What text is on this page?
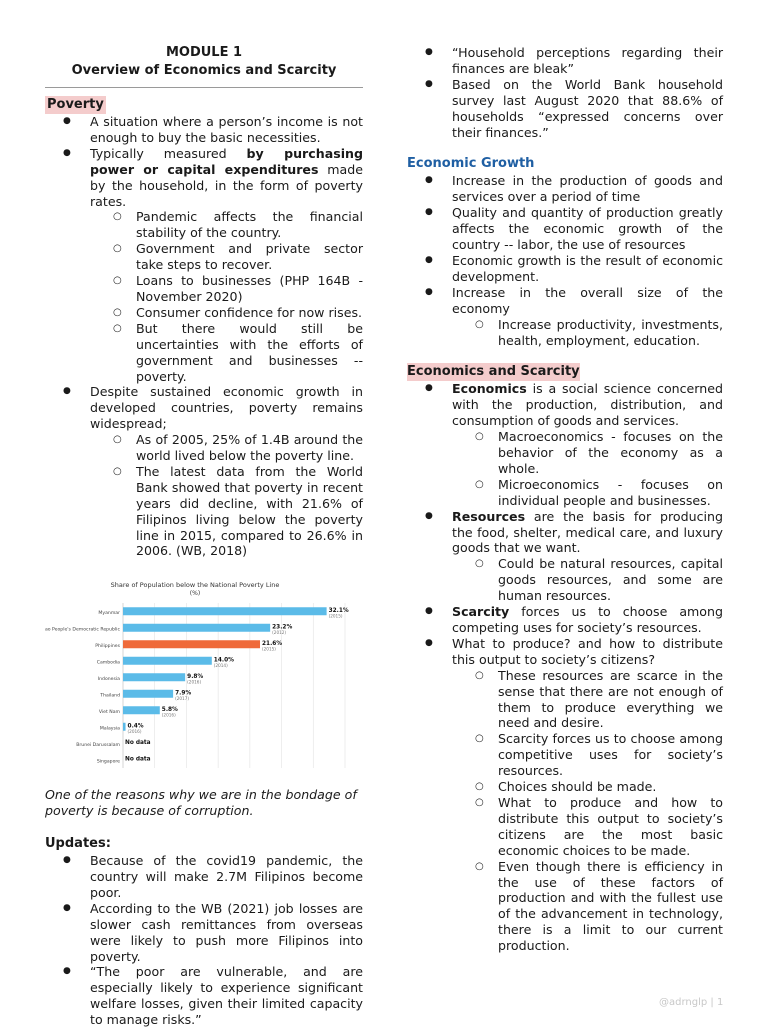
MODULE 1
Overview of Economics and Scarcity
Poverty
● A situation where a person’s income is not enough to buy the basic necessities.
● Typically measured by purchasing power or capital expenditures made by the household, in the form of poverty rates.
○ Pandemic affects the financial stability of the country.
○ Government and private sector take steps to recover.
○ Loans to businesses (PHP 164B - November 2020)
○ Consumer confidence for now rises.
○ But there would still be uncertainties with the efforts of government and businesses -- poverty.
● Despite sustained economic growth in developed countries, poverty remains widespread;
○ As of 2005, 25% of 1.4B around the world lived below the poverty line.
○ The latest data from the World Bank showed that poverty in recent years did decline, with 21.6% of Filipinos living below the poverty line in 2015, compared to 26.6% in 2006. (WB, 2018)
Share of Population below the National Poverty Line
(%)
Myanmar	32.1%
(2015)
Lao People's Democratic Republic	23.2%
(2012)
Philippines	21.6%
(2015)
Cambodia	14.0%
(2014)
Indonesia	9.8%
(2016)
Thailand	7.9%
(2017)
Viet Nam	5.8%
(2016)
Malaysia 0.4%
(2016)
Brunei Darussalam No data
Singapore No data
One of the reasons why we are in the bondage of poverty is because of corruption.
Updates:
● Because of the covid19 pandemic, the country will make 2.7M Filipinos become poor.
● According to the WB (2021) job losses are slower cash remittances from overseas were likely to push more Filipinos into poverty.
● “The poor are vulnerable, and are especially likely to experience significant welfare losses, given their limited capacity to manage risks.”
● “Household perceptions regarding their finances are bleak”
● Based on the World Bank household survey last August 2020 that 88.6% of households “expressed concerns over their finances.”
Economic Growth
● Increase in the production of goods and services over a period of time
● Quality and quantity of production greatly affects the economic growth of the country -- labor, the use of resources
● Economic growth is the result of economic development.
● Increase in the overall size of the economy
○ Increase productivity, investments, health, employment, education.
Economics and Scarcity
● Economics is a social science concerned with the production, distribution, and consumption of goods and services.
○ Macroeconomics - focuses on the behavior of the economy as a whole.
○ Microeconomics - focuses on individual people and businesses.
● Resources are the basis for producing the food, shelter, medical care, and luxury goods that we want.
○ Could be natural resources, capital goods resources, and some are human resources.
● Scarcity forces us to choose among competing uses for society’s resources.
● What to produce? and how to distribute this output to society’s citizens?
○ These resources are scarce in the sense that there are not enough of them to produce everything we need and desire.
○ Scarcity forces us to choose among competitive uses for society’s resources.
○ Choices should be made.
○ What to produce and how to distribute this output to society’s citizens are the most basic economic choices to be made.
○ Even though there is efficiency in the use of these factors of production and with the fullest use of the advancement in technology, there is a limit to our current production.
@adrnglp | 1
